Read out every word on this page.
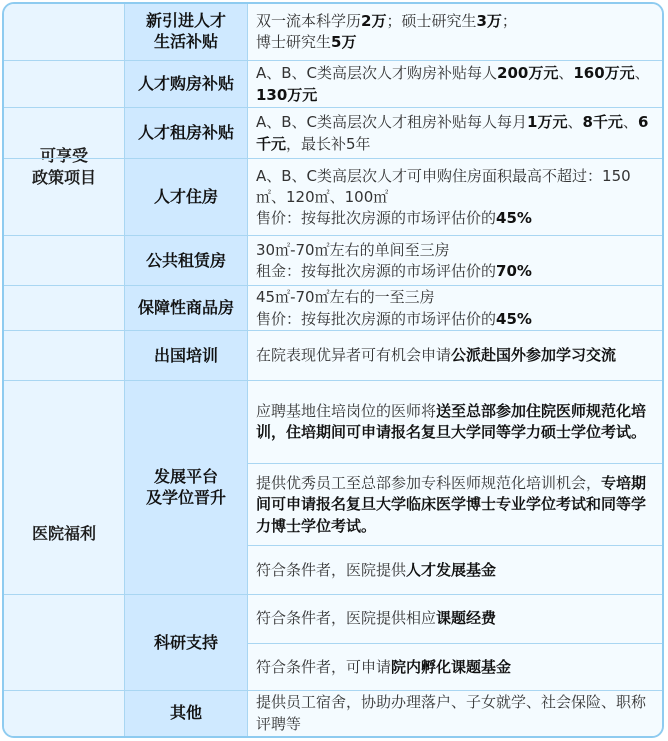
可享受
政策项目
新引进人才
生活补贴
双一流本科学历2万；硕士研究生3万；
博士研究生5万
人才购房补贴
A、B、C类高层次人才购房补贴每人200万元、160万元、130万元
人才租房补贴
A、B、C类高层次人才租房补贴每人每月1万元、8千元、6千元，最长补5年
人才住房
A、B、C类高层次人才可申购住房面积最高不超过：150㎡、120㎡、100㎡
售价：按每批次房源的市场评估价的45%
公共租赁房
30㎡-70㎡左右的单间至三房
租金：按每批次房源的市场评估价的70%
保障性商品房
45㎡-70㎡左右的一至三房
售价：按每批次房源的市场评估价的45%
医院福利
出国培训	在院表现优异者可有机会申请公派赴国外参加学习交流
发展平台
及学位晋升
应聘基地住培岗位的医师将送至总部参加住院医师规范化培训，住培期间可申请报名复旦大学同等学力硕士学位考试。
提供优秀员工至总部参加专科医师规范化培训机会，专培期间可申请报名复旦大学临床医学博士专业学位考试和同等学力博士学位考试。
符合条件者，医院提供人才发展基金
科研支持
符合条件者，医院提供相应课题经费
符合条件者，可申请院内孵化课题基金
其他
提供员工宿舍，协助办理落户、子女就学、社会保险、职称评聘等
